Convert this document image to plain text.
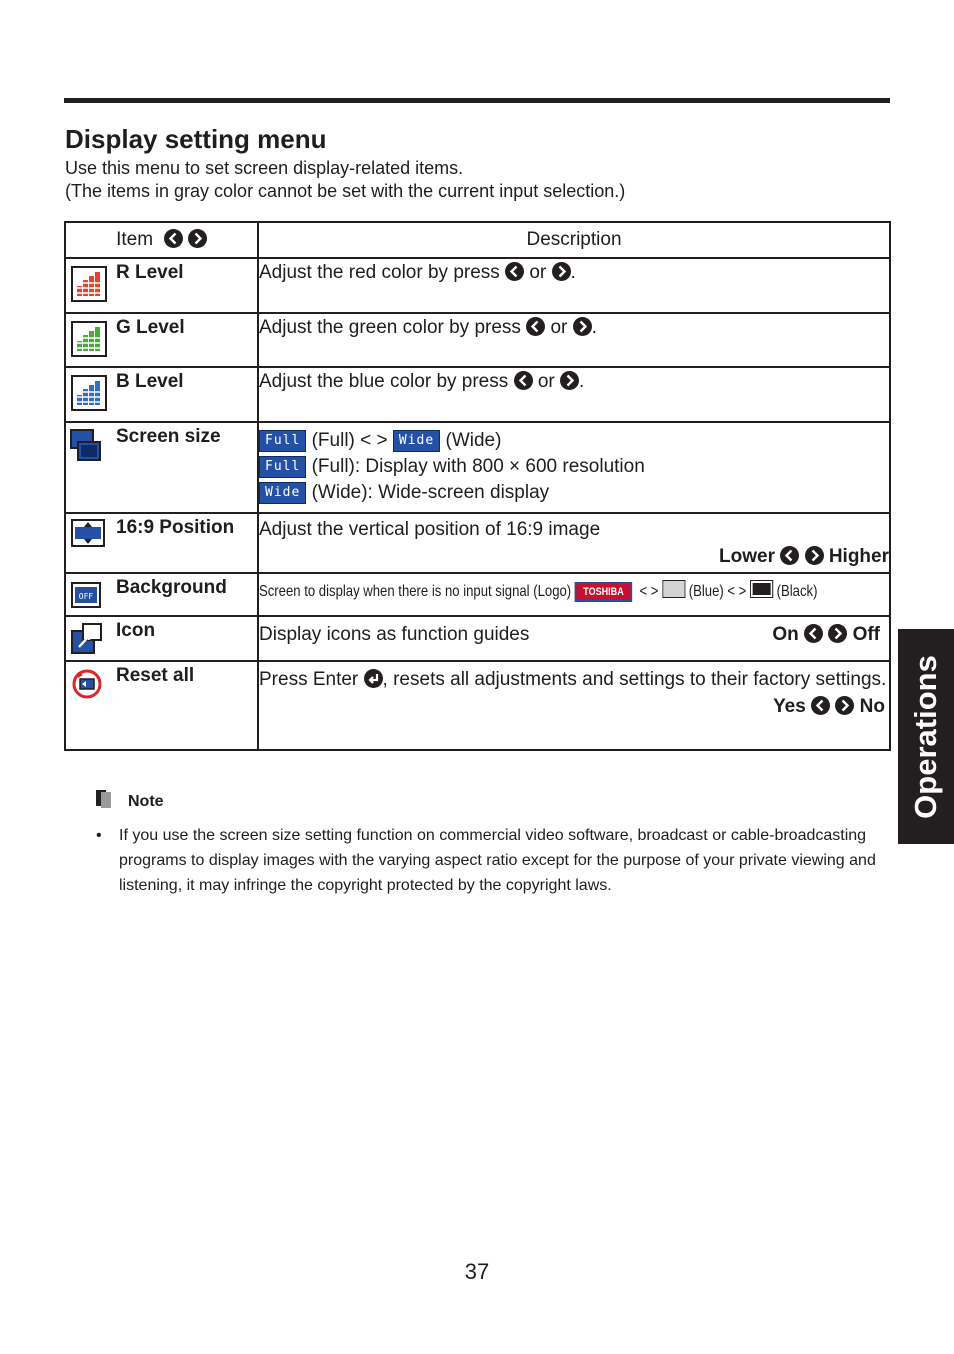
Display setting menu
Use this menu to set screen display-related items.
(The items in gray color cannot be set with the current input selection.)
Item	Description

R Level	Adjust the red color by press or .

G Level	Adjust the green color by press or .

B Level	Adjust the blue color by press or .

Screen size	Full (Full) < > Wide (Wide)
Full (Full): Display with 800 × 600 resolution
Wide (Wide): Wide-screen display

16:9 Position	Adjust the vertical position of 16:9 image
Lower
Higher

OFF Background	Screen to display when there is no input signal (Logo) TOSHIBA < > (Blue) < > (Black)

Icon	Display icons as function guides On
Off

Reset all	Press Enter , resets all adjustments and settings to their factory settings.
Yes
No
Note
• If you use the screen size setting function on commercial video software, broadcast or cable-broadcasting programs to display images with the varying aspect ratio except for the purpose of your private viewing and listening, it may infringe the copyright protected by the copyright laws.
Operations
37
